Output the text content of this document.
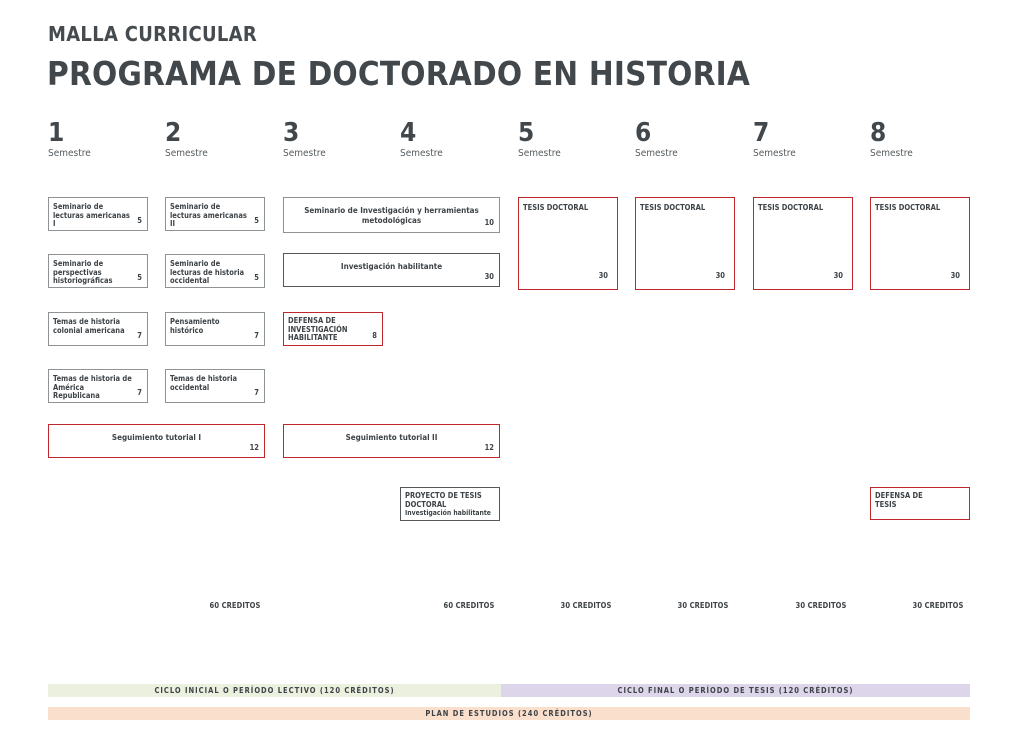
MALLA CURRICULAR
PROGRAMA DE DOCTORADO EN HISTORIA
1
Semestre
2
Semestre
3
Semestre
4
Semestre
5
Semestre
6
Semestre
7
Semestre
8
Semestre
Seminario de lecturas americanas I	5
Seminario de perspectivas historiográficas	5
Temas de historia colonial americana
7
Temas de historia de América Republicana	7
Seminario de lecturas americanas II	5
Seminario de lecturas de historia occidental	5
Pensamiento histórico
7
Temas de historia occidental
7
Seguimiento tutorial I
12
Seminario de Investigación y herramientas metodológicas	10
Investigación habilitante
30
DEFENSA DE INVESTIGACIÓN HABILITANTE	8
Seguimiento tutorial II
12
PROYECTO DE TESIS DOCTORAL
Investigación habilitante
TESIS DOCTORAL
30
TESIS DOCTORAL
30
TESIS DOCTORAL
30
TESIS DOCTORAL
30
DEFENSA DE TESIS
60 CREDITOS	60 CREDITOS	30 CREDITOS	30 CREDITOS	30 CREDITOS	30 CREDITOS
CICLO INICIAL O PERÍODO LECTIVO (120 CRÉDITOS)	CICLO FINAL O PERÍODO DE TESIS (120 CRÉDITOS)
PLAN DE ESTUDIOS (240 CRÉDITOS)
